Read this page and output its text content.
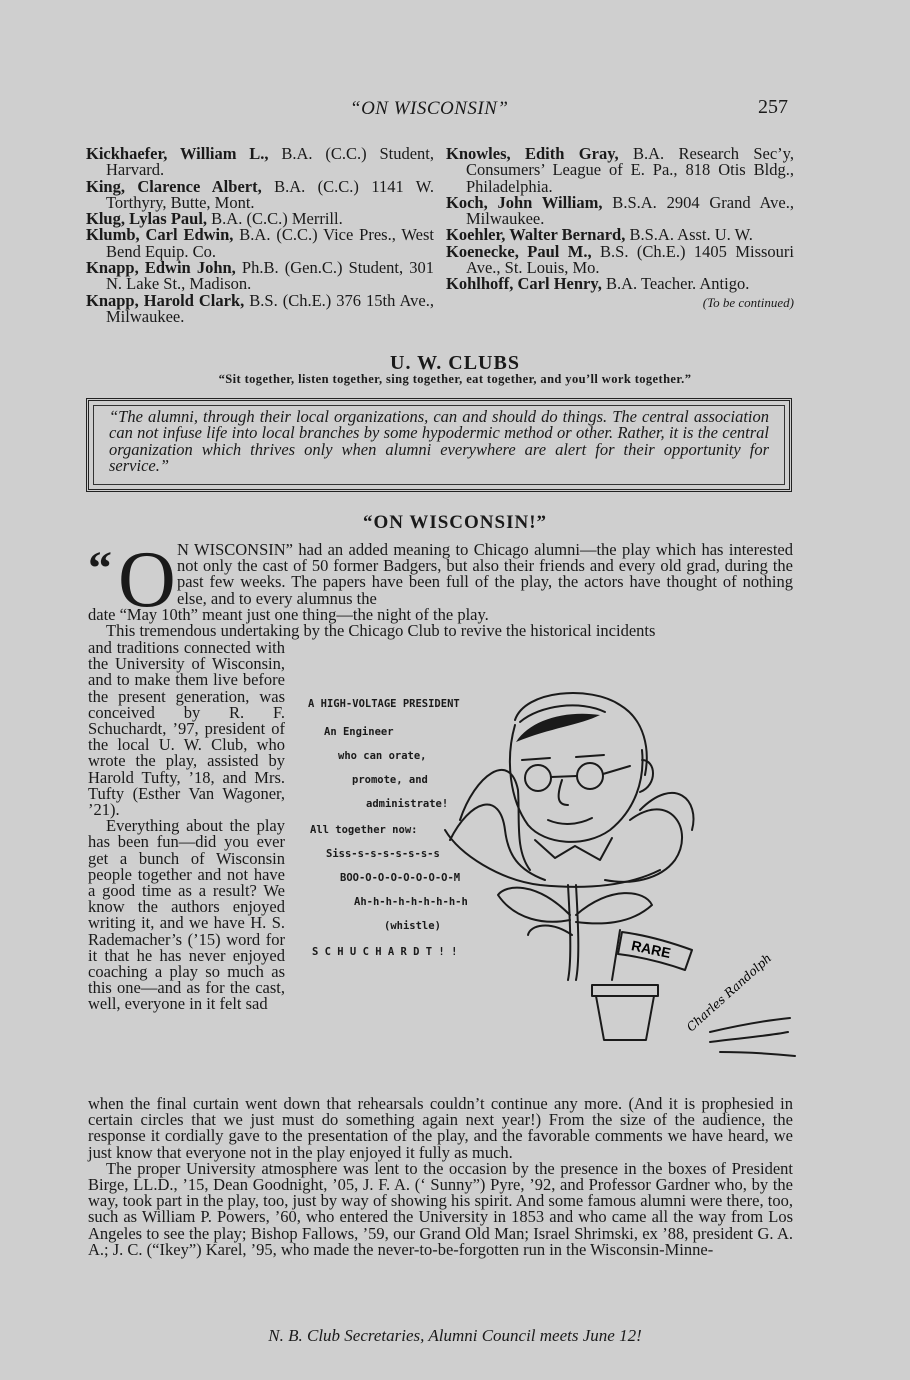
“ON WISCONSIN”	257

Kickhaefer, William L., B.A. (C.C.) Student, Harvard.

King, Clarence Albert, B.A. (C.C.) 1141 W. Torthyry, Butte, Mont.

Klug, Lylas Paul, B.A. (C.C.) Merrill.

Klumb, Carl Edwin, B.A. (C.C.) Vice Pres., West Bend Equip. Co.

Knapp, Edwin John, Ph.B. (Gen.C.) Student, 301 N. Lake St., Madison.

Knapp, Harold Clark, B.S. (Ch.E.) 376 15th Ave., Milwaukee.

Knowles, Edith Gray, B.A. Research Sec’y, Consumers’ League of E. Pa., 818 Otis Bldg., Philadelphia.

Koch, John William, B.S.A. 2904 Grand Ave., Milwaukee.

Koehler, Walter Bernard, B.S.A. Asst. U. W.

Koenecke, Paul M., B.S. (Ch.E.) 1405 Missouri Ave., St. Louis, Mo.

Kohlhoff, Carl Henry, B.A. Teacher. Antigo.
(To be continued)

U. W. CLUBS
“Sit together, listen together, sing together, eat together, and you’ll work together.”
“The alumni, through their local organizations, can and should do things. The central association can not infuse life into local branches by some hypodermic method or other. Rather, it is the central organization which thrives only when alumni everywhere are alert for their opportunity for service.”
“ON WISCONSIN!”
“ O N WISCONSIN” had an added meaning to Chicago alumni—the play which has interested not only the cast of 50 former Badgers, but also their friends and every old grad, during the past few weeks. The papers have been full of the play, the actors have thought of nothing else, and to every alumnus the
date “May 10th” meant just one thing—the night of the play.
This tremendous undertaking by the Chicago Club to revive the historical incidents

and traditions connected with the University of Wisconsin, and to make them live before the present generation, was conceived by R. F. Schuchardt, ’97, president of the local U. W. Club, who wrote the play, assisted by Harold Tufty, ’18, and Mrs. Tufty (Esther Van Wagoner, ’21).

Everything about the play has been fun—did you ever get a bunch of Wisconsin people together and not have a good time as a result? We know the authors enjoyed writing it, and we have H. S. Rademacher’s (’15) word for it that he has never enjoyed coaching a play so much as this one—and as for the cast, well, everyone in it felt sad

when the final curtain went down that rehearsals couldn’t continue any more. (And it is prophesied in certain circles that we just must do something again next year!) From the size of the audience, the response it cordially gave to the presentation of the play, and the favorable comments we have heard, we just know that everyone not in the play enjoyed it fully as much.

The proper University atmosphere was lent to the occasion by the presence in the boxes of President Birge, LL.D., ’15, Dean Goodnight, ’05, J. F. A. (‘ Sunny”) Pyre, ’92, and Professor Gardner who, by the way, took part in the play, too, just by way of showing his spirit. And some famous alumni were there, too, such as William P. Powers, ’60, who entered the University in 1853 and who came all the way from Los Angeles to see the play; Bishop Fallows, ’59, our Grand Old Man; Israel Shrimski, ex ’88, president G. A. A.; J. C. (“Ikey”) Karel, ’95, who made the never-to-be-forgotten run in the Wisconsin-Minne-

A HIGH-VOLTAGE PRESIDENT
An Engineer
who can orate,
promote, and
administrate!
All together now:
Siss-s-s-s-s-s-s-s
BOO-O-O-O-O-O-O-O-M
Ah-h-h-h-h-h-h-h-h
(whistle)
S C H U C H A R D T ! !	RARE
Charles Randolph
N. B. Club Secretaries, Alumni Council meets June 12!
